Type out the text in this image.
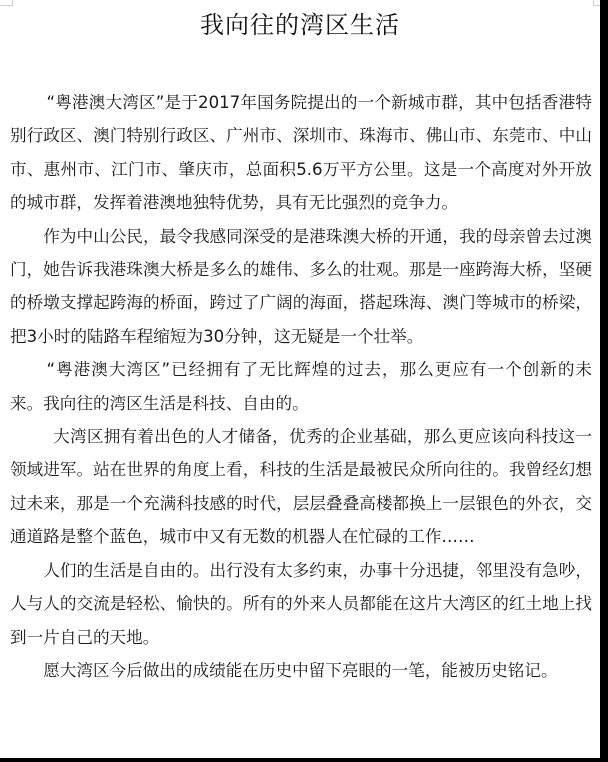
我向往的湾区生活

“粤港澳大湾区”是于2017年国务院提出的一个新城市群，其中包括香港特别行政区、澳门特别行政区、广州市、深圳市、珠海市、佛山市、东莞市、中山市、惠州市、江门市、肇庆市，总面积5.6万平方公里。这是一个高度对外开放的城市群，发挥着港澳地独特优势，具有无比强烈的竞争力。

作为中山公民，最令我感同深受的是港珠澳大桥的开通，我的母亲曾去过澳门，她告诉我港珠澳大桥是多么的雄伟、多么的壮观。那是一座跨海大桥，坚硬的桥墩支撑起跨海的桥面，跨过了广阔的海面，搭起珠海、澳门等城市的桥梁，把3小时的陆路车程缩短为30分钟，这无疑是一个壮举。

“粤港澳大湾区”已经拥有了无比辉煌的过去，那么更应有一个创新的未来。我向往的湾区生活是科技、自由的。

大湾区拥有着出色的人才储备，优秀的企业基础，那么更应该向科技这一领域进军。站在世界的角度上看，科技的生活是最被民众所向往的。我曾经幻想过未来，那是一个充满科技感的时代，层层叠叠高楼都换上一层银色的外衣，交通道路是整个蓝色，城市中又有无数的机器人在忙碌的工作……

人们的生活是自由的。出行没有太多约束，办事十分迅捷，邻里没有急吵，人与人的交流是轻松、愉快的。所有的外来人员都能在这片大湾区的红土地上找到一片自己的天地。

愿大湾区今后做出的成绩能在历史中留下亮眼的一笔，能被历史铭记。
